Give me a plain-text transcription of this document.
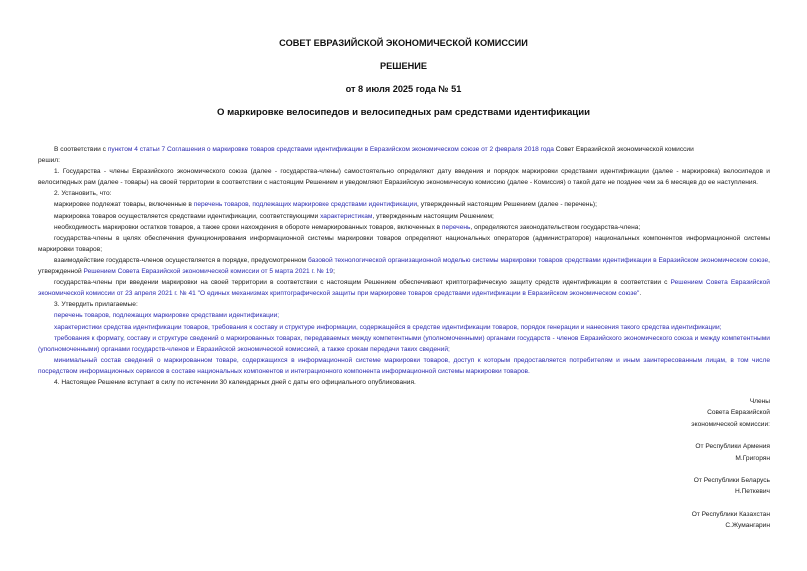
СОВЕТ ЕВРАЗИЙСКОЙ ЭКОНОМИЧЕСКОЙ КОМИССИИ
РЕШЕНИЕ
от 8 июля 2025 года № 51
О маркировке велосипедов и велосипедных рам средствами идентификации

В соответствии с пунктом 4 статьи 7 Соглашения о маркировке товаров средствами идентификации в Евразийском экономическом союзе от 2 февраля 2018 года Совет Евразийской экономической комиссии

решил:

1. Государства - члены Евразийского экономического союза (далее - государства-члены) самостоятельно определяют дату введения и порядок маркировки средствами идентификации (далее - маркировка) велосипедов и велосипедных рам (далее - товары) на своей территории в соответствии с настоящим Решением и уведомляют Евразийскую экономическую комиссию (далее - Комиссия) о такой дате не позднее чем за 6 месяцев до ее наступления.

2. Установить, что:

маркировке подлежат товары, включенные в перечень товаров, подлежащих маркировке средствами идентификации, утвержденный настоящим Решением (далее - перечень);

маркировка товаров осуществляется средствами идентификации, соответствующими характеристикам, утвержденным настоящим Решением;

необходимость маркировки остатков товаров, а также сроки нахождения в обороте немаркированных товаров, включенных в перечень, определяются законодательством государства-члена;

государства-члены в целях обеспечения функционирования информационной системы маркировки товаров определяют национальных операторов (администраторов) национальных компонентов информационной системы маркировки товаров;

взаимодействие государств-членов осуществляется в порядке, предусмотренном базовой технологической организационной моделью системы маркировки товаров средствами идентификации в Евразийском экономическом союзе, утвержденной Решением Совета Евразийской экономической комиссии от 5 марта 2021 г. № 19;

государства-члены при введении маркировки на своей территории в соответствии с настоящим Решением обеспечивают криптографическую защиту средств идентификации в соответствии с Решением Совета Евразийской экономической комиссии от 23 апреля 2021 г. № 41 "О единых механизмах криптографической защиты при маркировке товаров средствами идентификации в Евразийском экономическом союзе".

3. Утвердить прилагаемые:

перечень товаров, подлежащих маркировке средствами идентификации;

характеристики средства идентификации товаров, требования к составу и структуре информации, содержащейся в средстве идентификации товаров, порядок генерации и нанесения такого средства идентификации;

требования к формату, составу и структуре сведений о маркированных товарах, передаваемых между компетентными (уполномоченными) органами государств - членов Евразийского экономического союза и между компетентными (уполномоченными) органами государств-членов и Евразийской экономической комиссией, а также срокам передачи таких сведений;

минимальный состав сведений о маркированном товаре, содержащихся в информационной системе маркировки товаров, доступ к которым предоставляется потребителям и иным заинтересованным лицам, в том числе посредством информационных сервисов в составе национальных компонентов и интеграционного компонента информационной системы маркировки товаров.

4. Настоящее Решение вступает в силу по истечении 30 календарных дней с даты его официального опубликования.

Члены
Совета Евразийской
экономической комиссии:
От Республики Армения
М.Григорян
От Республики Беларусь
Н.Петкевич
От Республики Казахстан
С.Жумангарин
